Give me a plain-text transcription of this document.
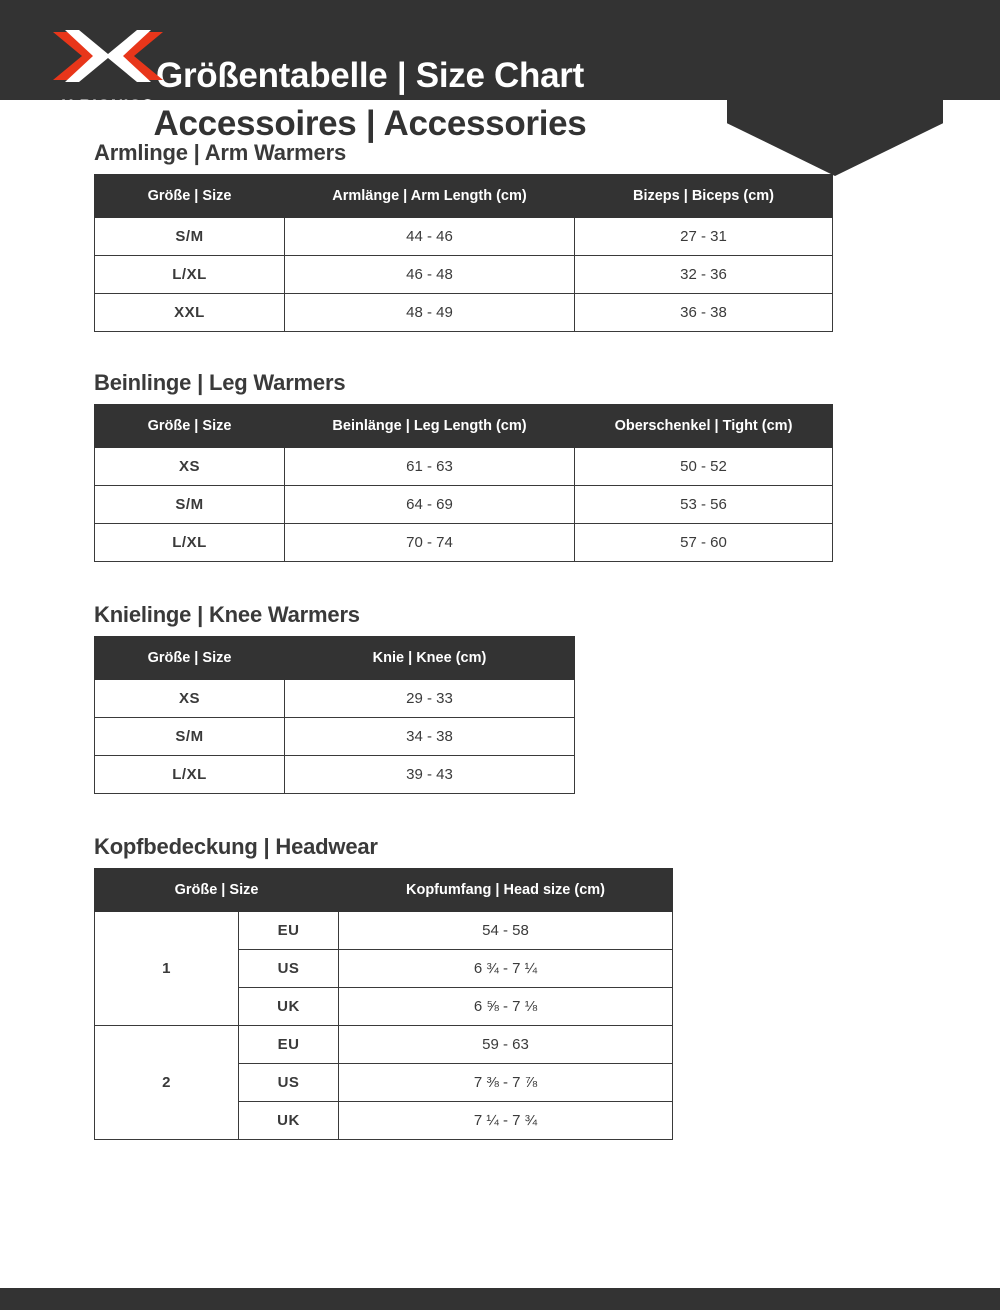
Größentabelle | Size Chart
Accessoires | Accessories
X-BIONIC®
Armlinge | Arm Warmers
Größe | Size	Armlänge | Arm Length (cm)	Bizeps | Biceps (cm)
S/M	44 - 46	27 - 31
L/XL	46 - 48	32 - 36
XXL	48 - 49	36 - 38
Beinlinge | Leg Warmers
Größe | Size	Beinlänge | Leg Length (cm)	Oberschenkel | Tight (cm)
XS	61 - 63	50 - 52
S/M	64 - 69	53 - 56
L/XL	70 - 74	57 - 60
Knielinge | Knee Warmers
Größe | Size	Knie | Knee (cm)
XS	29 - 33
S/M	34 - 38
L/XL	39 - 43
Kopfbedeckung | Headwear
Größe | Size		Kopfumfang | Head size (cm)
1	EU	54 - 58
	US	6 ¾ - 7 ¼
	UK	6 ⅝ - 7 ⅛
2	EU	59 - 63
	US	7 ⅜ - 7 ⅞
	UK	7 ¼ - 7 ¾
